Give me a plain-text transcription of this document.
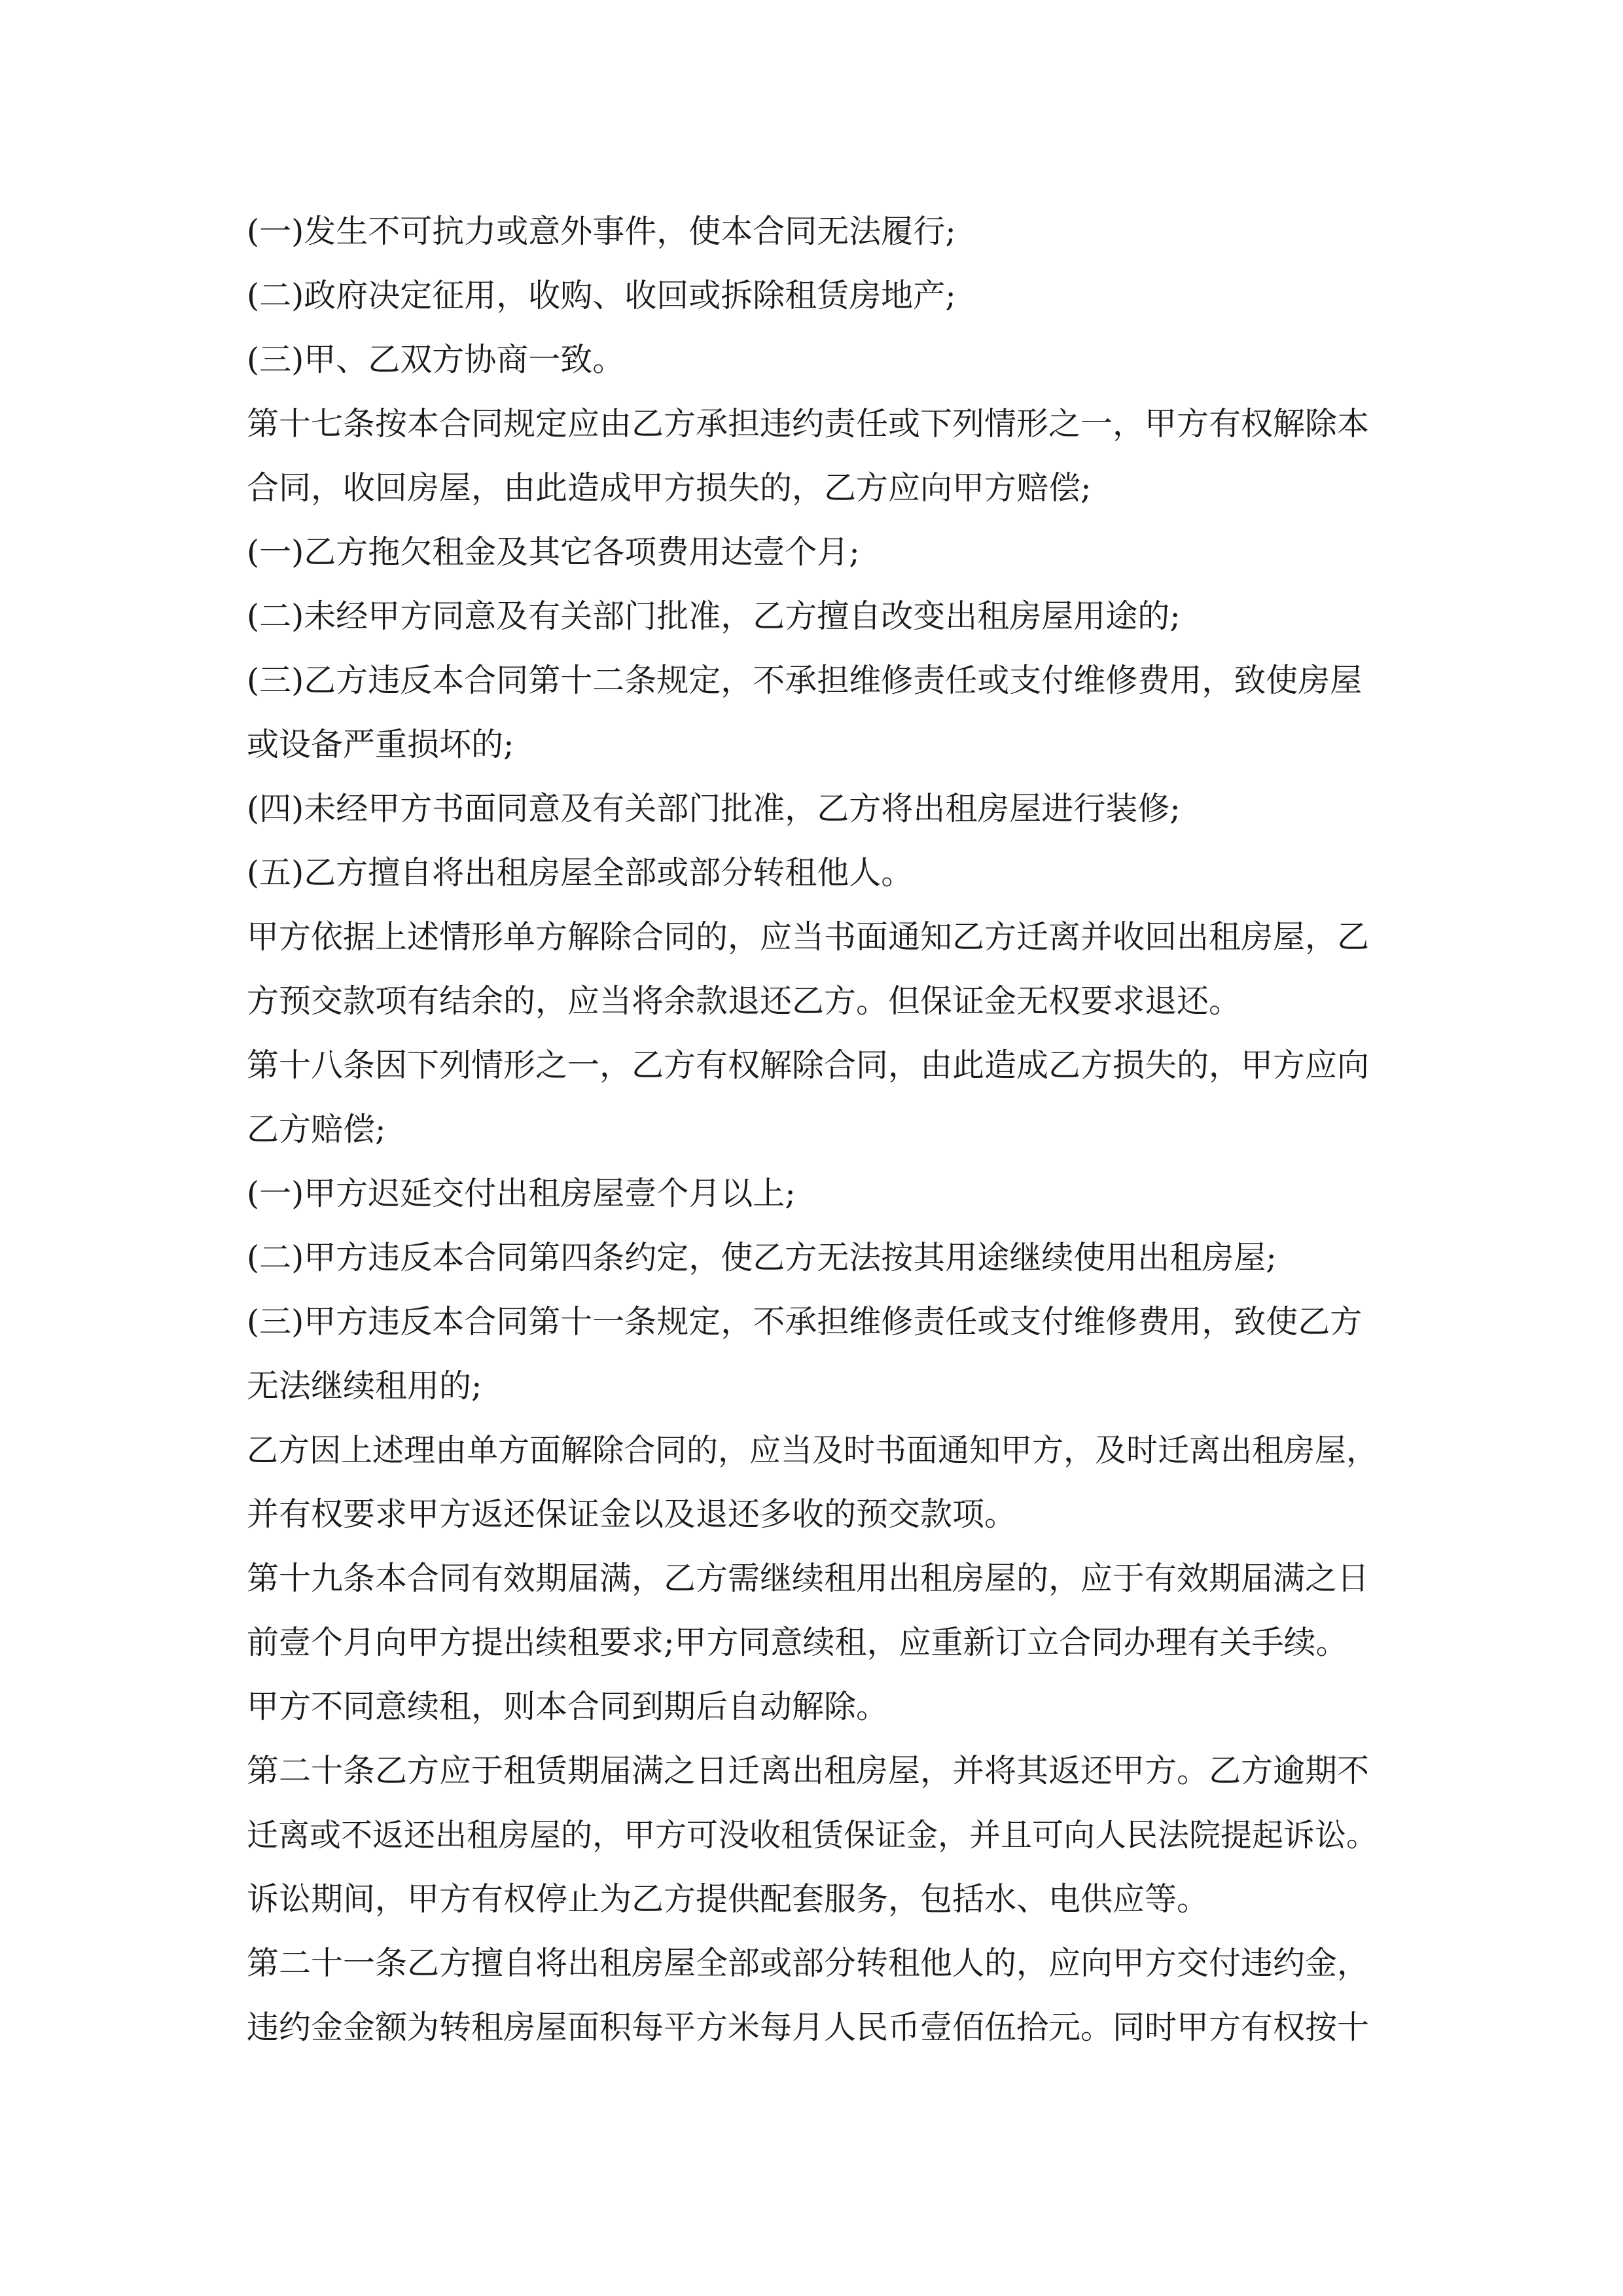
(一)发生不可抗力或意外事件，使本合同无法履行;
(二)政府决定征用，收购、收回或拆除租赁房地产;
(三)甲、乙双方协商一致。
第十七条按本合同规定应由乙方承担违约责任或下列情形之一，甲方有权解除本
合同，收回房屋，由此造成甲方损失的，乙方应向甲方赔偿;
(一)乙方拖欠租金及其它各项费用达壹个月;
(二)未经甲方同意及有关部门批准，乙方擅自改变出租房屋用途的;
(三)乙方违反本合同第十二条规定，不承担维修责任或支付维修费用，致使房屋
或设备严重损坏的;
(四)未经甲方书面同意及有关部门批准，乙方将出租房屋进行装修;
(五)乙方擅自将出租房屋全部或部分转租他人。
甲方依据上述情形单方解除合同的，应当书面通知乙方迁离并收回出租房屋，乙
方预交款项有结余的，应当将余款退还乙方。但保证金无权要求退还。
第十八条因下列情形之一，乙方有权解除合同，由此造成乙方损失的，甲方应向
乙方赔偿;
(一)甲方迟延交付出租房屋壹个月以上;
(二)甲方违反本合同第四条约定，使乙方无法按其用途继续使用出租房屋;
(三)甲方违反本合同第十一条规定，不承担维修责任或支付维修费用，致使乙方
无法继续租用的;
乙方因上述理由单方面解除合同的，应当及时书面通知甲方，及时迁离出租房屋，
并有权要求甲方返还保证金以及退还多收的预交款项。
第十九条本合同有效期届满，乙方需继续租用出租房屋的，应于有效期届满之日
前壹个月向甲方提出续租要求;甲方同意续租，应重新订立合同办理有关手续。
甲方不同意续租，则本合同到期后自动解除。
第二十条乙方应于租赁期届满之日迁离出租房屋，并将其返还甲方。乙方逾期不
迁离或不返还出租房屋的，甲方可没收租赁保证金，并且可向人民法院提起诉讼。
诉讼期间，甲方有权停止为乙方提供配套服务，包括水、电供应等。
第二十一条乙方擅自将出租房屋全部或部分转租他人的，应向甲方交付违约金，
违约金金额为转租房屋面积每平方米每月人民币壹佰伍拾元。同时甲方有权按十
